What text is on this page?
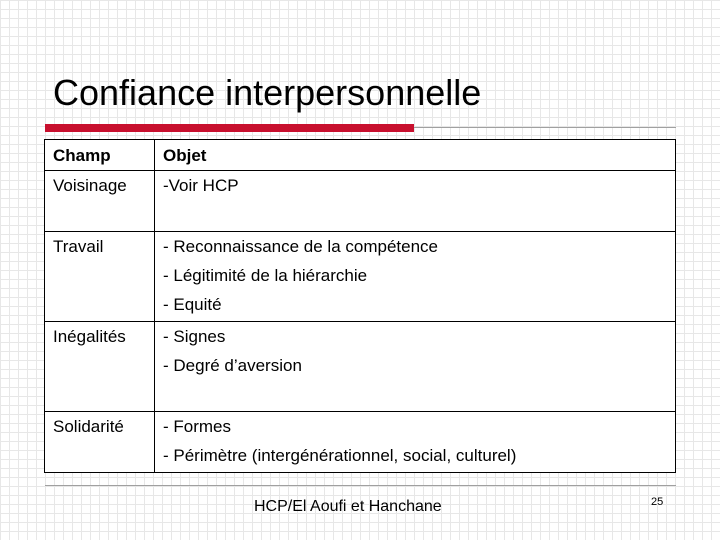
Confiance interpersonnelle
Champ	Objet
Voisinage	-Voir HCP

Travail	- Reconnaissance de la compétence
- Légitimité de la hiérarchie
- Equité

Inégalités	- Signes
- Degré d’aversion

Solidarité	- Formes
- Périmètre (intergénérationnel, social, culturel)
HCP/El Aoufi et Hanchane	25
